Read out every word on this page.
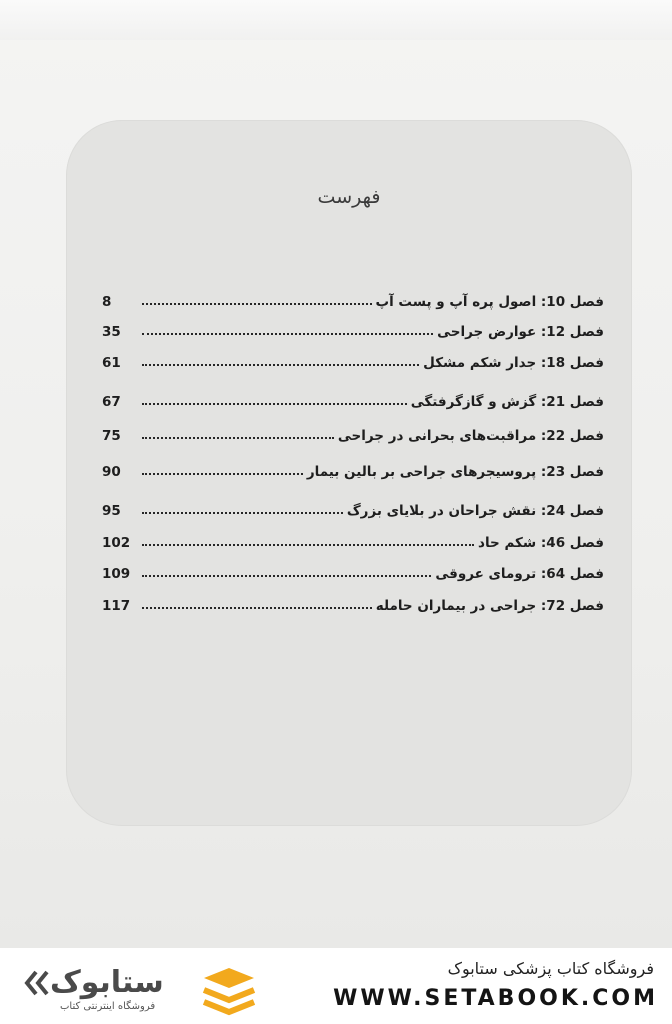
فهرست
فصل 10: اصول پره آپ و پست آپ
8
فصل 12: عوارض جراحی
35
فصل 18: جدار شکم مشکل
61
فصل 21: گزش و گازگرفتگی
67
فصل 22: مراقبت‌های بحرانی در جراحی
75
فصل 23: پروسیجرهای جراحی بر بالین بیمار
90
فصل 24: نقش جراحان در بلایای بزرگ
95
فصل 46: شکم حاد
102
فصل 64: ترومای عروقی
109
فصل 72: جراحی در بیماران حامله
117
ستابوک
فروشگاه اینترنتی کتاب
فروشگاه کتاب پزشکی ستابوک
WWW.SETABOOK.COM
